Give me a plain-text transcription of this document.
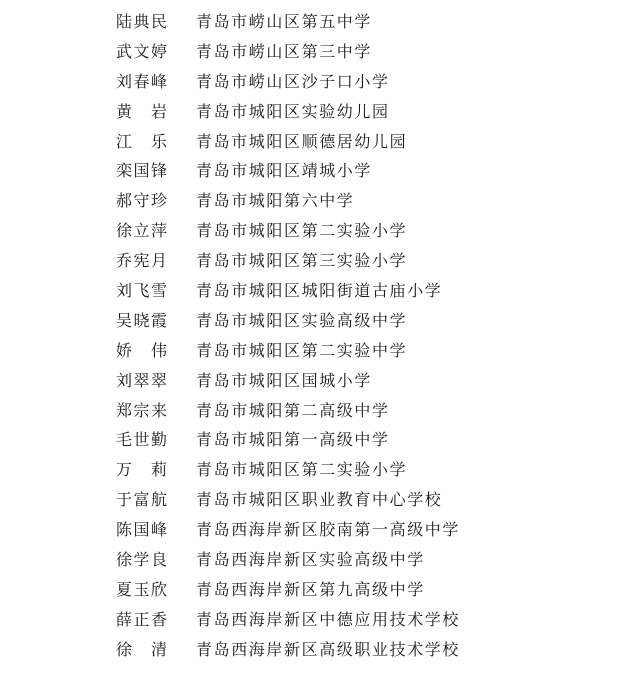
陆典民 青岛市崂山区第五中学
武文婷 青岛市崂山区第三中学
刘春峰 青岛市崂山区沙子口小学
黄 岩 青岛市城阳区实验幼儿园
江 乐 青岛市城阳区顺德居幼儿园
栾国锋 青岛市城阳区靖城小学
郝守珍 青岛市城阳第六中学
徐立萍 青岛市城阳区第二实验小学
乔宪月 青岛市城阳区第三实验小学
刘飞雪 青岛市城阳区城阳街道古庙小学
吴晓霞 青岛市城阳区实验高级中学
娇 伟 青岛市城阳区第二实验中学
刘翠翠 青岛市城阳区国城小学
郑宗来 青岛市城阳第二高级中学
毛世勤 青岛市城阳第一高级中学
万 莉 青岛市城阳区第二实验小学
于富航 青岛市城阳区职业教育中心学校
陈国峰 青岛西海岸新区胶南第一高级中学
徐学良 青岛西海岸新区实验高级中学
夏玉欣 青岛西海岸新区第九高级中学
薛正香 青岛西海岸新区中德应用技术学校
徐 清 青岛西海岸新区高级职业技术学校
